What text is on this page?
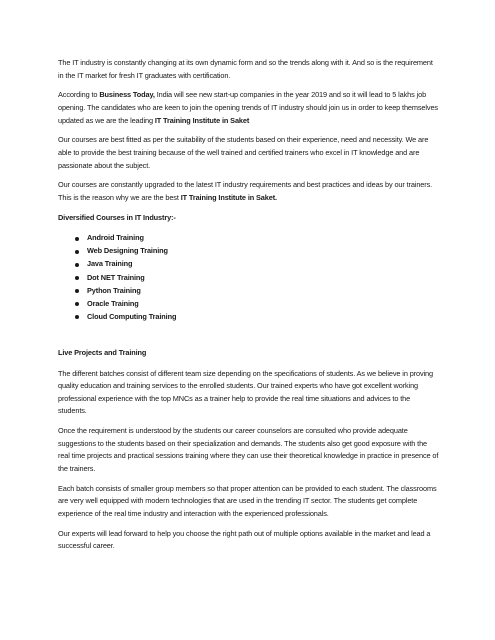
The IT industry is constantly changing at its own dynamic form and so the trends along with it. And so is the requirement in the IT market for fresh IT graduates with certification.

According to Business Today, India will see new start-up companies in the year 2019 and so it will lead to 5 lakhs job opening. The candidates who are keen to join the opening trends of IT industry should join us in order to keep themselves updated as we are the leading IT Training Institute in Saket

Our courses are best fitted as per the suitability of the students based on their experience, need and necessity. We are able to provide the best training because of the well trained and certified trainers who excel in IT knowledge and are passionate about the subject.

Our courses are constantly upgraded to the latest IT industry requirements and best practices and ideas by our trainers. This is the reason why we are the best IT Training Institute in Saket.

Diversified Courses in IT Industry:-
Android Training
Web Designing Training
Java Training
Dot NET Training
Python Training
Oracle Training
Cloud Computing Training
Live Projects and Training

The different batches consist of different team size depending on the specifications of students. As we believe in proving quality education and training services to the enrolled students. Our trained experts who have got excellent working professional experience with the top MNCs as a trainer help to provide the real time situations and advices to the students.

Once the requirement is understood by the students our career counselors are consulted who provide adequate suggestions to the students based on their specialization and demands. The students also get good exposure with the real time projects and practical sessions training where they can use their theoretical knowledge in practice in presence of the trainers.

Each batch consists of smaller group members so that proper attention can be provided to each student. The classrooms are very well equipped with modern technologies that are used in the trending IT sector. The students get complete experience of the real time industry and interaction with the experienced professionals.

Our experts will lead forward to help you choose the right path out of multiple options available in the market and lead a successful career.
